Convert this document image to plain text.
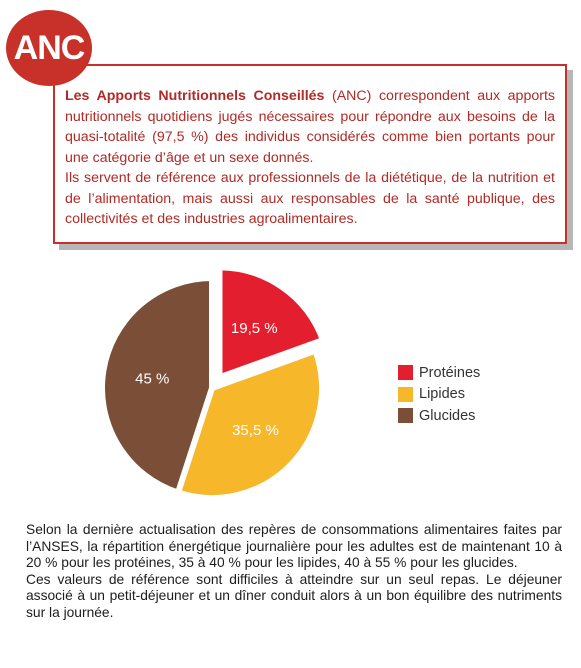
ANC

Les Apports Nutritionnels Conseillés (ANC) correspondent aux apports nutritionnels quotidiens jugés nécessaires pour répondre aux besoins de la quasi-totalité (97,5 %) des individus considérés comme bien portants pour une catégorie d’âge et un sexe donnés.

Ils servent de référence aux professionnels de la diététique, de la nutrition et de l’alimentation, mais aussi aux responsables de la santé publique, des collectivités et des industries agroalimentaires.

19,5 %
35,5 %
45 %	Protéines
Lipides
Glucides

Selon la dernière actualisation des repères de consommations alimentaires faites par l’ANSES, la répartition énergétique journalière pour les adultes est de maintenant 10 à 20 % pour les protéines, 35 à 40 % pour les lipides, 40 à 55 % pour les glucides.

Ces valeurs de référence sont difficiles à atteindre sur un seul repas. Le déjeuner associé à un petit-déjeuner et un dîner conduit alors à un bon équilibre des nutriments sur la journée.
